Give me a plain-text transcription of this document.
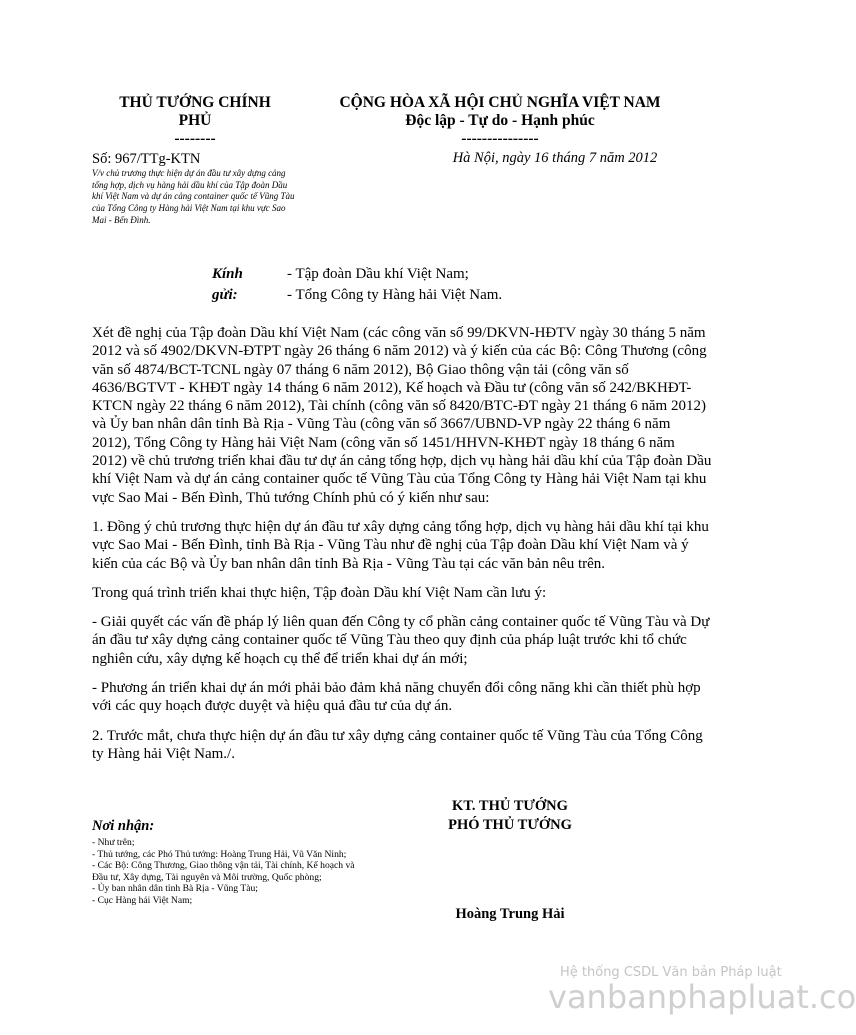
THỦ TƯỚNG CHÍNH
PHỦ
--------
CỘNG HÒA XÃ HỘI CHỦ NGHĨA VIỆT NAM
Độc lập - Tự do - Hạnh phúc
---------------
Số: 967/TTg-KTN	Hà Nội, ngày 16 tháng 7 năm 2012
V/v chủ trương thực hiện dự án đầu tư xây dựng cảng tổng hợp, dịch vụ hàng hải dầu khí của Tập đoàn Dầu khí Việt Nam và dự án cảng container quốc tế Vũng Tàu của Tổng Công ty Hàng hải Việt Nam tại khu vực Sao Mai - Bến Đình.
Kính gửi:
- Tập đoàn Dầu khí Việt Nam;
- Tổng Công ty Hàng hải Việt Nam.

Xét đề nghị của Tập đoàn Dầu khí Việt Nam (các công văn số 99/DKVN-HĐTV ngày 30 tháng 5 năm 2012 và số 4902/DKVN-ĐTPT ngày 26 tháng 6 năm 2012) và ý kiến của các Bộ: Công Thương (công văn số 4874/BCT-TCNL ngày 07 tháng 6 năm 2012), Bộ Giao thông vận tải (công văn số 4636/BGTVT - KHĐT ngày 14 tháng 6 năm 2012), Kế hoạch và Đầu tư (công văn số 242/BKHĐT-KTCN ngày 22 tháng 6 năm 2012), Tài chính (công văn số 8420/BTC-ĐT ngày 21 tháng 6 năm 2012) và Ủy ban nhân dân tỉnh Bà Rịa - Vũng Tàu (công văn số 3667/UBND-VP ngày 22 tháng 6 năm 2012), Tổng Công ty Hàng hải Việt Nam (công văn số 1451/HHVN-KHĐT ngày 18 tháng 6 năm 2012) về chủ trương triển khai đầu tư dự án cảng tổng hợp, dịch vụ hàng hải dầu khí của Tập đoàn Dầu khí Việt Nam và dự án cảng container quốc tế Vũng Tàu của Tổng Công ty Hàng hải Việt Nam tại khu vực Sao Mai - Bến Đình, Thủ tướng Chính phủ có ý kiến như sau:

1. Đồng ý chủ trương thực hiện dự án đầu tư xây dựng cảng tổng hợp, dịch vụ hàng hải dầu khí tại khu vực Sao Mai - Bến Đình, tỉnh Bà Rịa - Vũng Tàu như đề nghị của Tập đoàn Dầu khí Việt Nam và ý kiến của các Bộ và Ủy ban nhân dân tỉnh Bà Rịa - Vũng Tàu tại các văn bản nêu trên.

Trong quá trình triển khai thực hiện, Tập đoàn Dầu khí Việt Nam cần lưu ý:

- Giải quyết các vấn đề pháp lý liên quan đến Công ty cổ phần cảng container quốc tế Vũng Tàu và Dự án đầu tư xây dựng cảng container quốc tế Vũng Tàu theo quy định của pháp luật trước khi tổ chức nghiên cứu, xây dựng kế hoạch cụ thể để triển khai dự án mới;

- Phương án triển khai dự án mới phải bảo đảm khả năng chuyển đổi công năng khi cần thiết phù hợp với các quy hoạch được duyệt và hiệu quả đầu tư của dự án.

2. Trước mắt, chưa thực hiện dự án đầu tư xây dựng cảng container quốc tế Vũng Tàu của Tổng Công ty Hàng hải Việt Nam./.

KT. THỦ TƯỚNG
PHÓ THỦ TƯỚNG
Hoàng Trung Hải
Nơi nhận:
- Như trên;
- Thủ tướng, các Phó Thủ tướng: Hoàng Trung Hải, Vũ Văn Ninh;
- Các Bộ: Công Thương, Giao thông vận tải, Tài chính, Kế hoạch và Đầu tư, Xây dựng, Tài nguyên và Môi trường, Quốc phòng;
- Ủy ban nhân dân tỉnh Bà Rịa - Vũng Tàu;
- Cục Hàng hải Việt Nam;
Hệ thống CSDL Văn bản Pháp luật
vanbanphapluat.co
